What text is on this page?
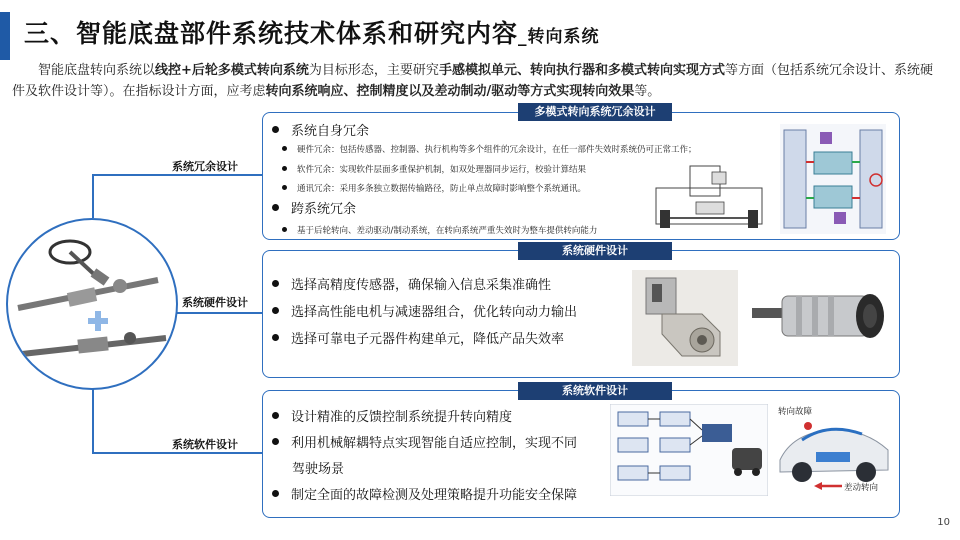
三、智能底盘部件系统技术体系和研究内容_转向系统
智能底盘转向系统以线控+后轮多模式转向系统为目标形态，主要研究手感模拟单元、转向执行器和多模式转向实现方式等方面（包括系统冗余设计、系统硬件及软件设计等）。在指标设计方面，应考虑转向系统响应、控制精度以及差动制动/驱动等方式实现转向效果等。
系统冗余设计
系统硬件设计
系统软件设计
多模式转向系统冗余设计
系统自身冗余
硬件冗余：包括传感器、控制器、执行机构等多个组件的冗余设计，在任一部件失效时系统仍可正常工作；
软件冗余：实现软件层面多重保护机制，如双处理器同步运行，校验计算结果
通讯冗余：采用多条独立数据传输路径，防止单点故障时影响整个系统通讯。
跨系统冗余
基于后轮转向、差动驱动/制动系统，在转向系统严重失效时为整车提供转向能力
系统硬件设计
选择高精度传感器，确保输入信息采集准确性
选择高性能电机与减速器组合，优化转向动力输出
选择可靠电子元器件构建单元，降低产品失效率
系统软件设计
设计精准的反馈控制系统提升转向精度
利用机械解耦特点实现智能自适应控制，实现不同
驾驶场景
制定全面的故障检测及处理策略提升功能安全保障
转向故障
差动转向
10
